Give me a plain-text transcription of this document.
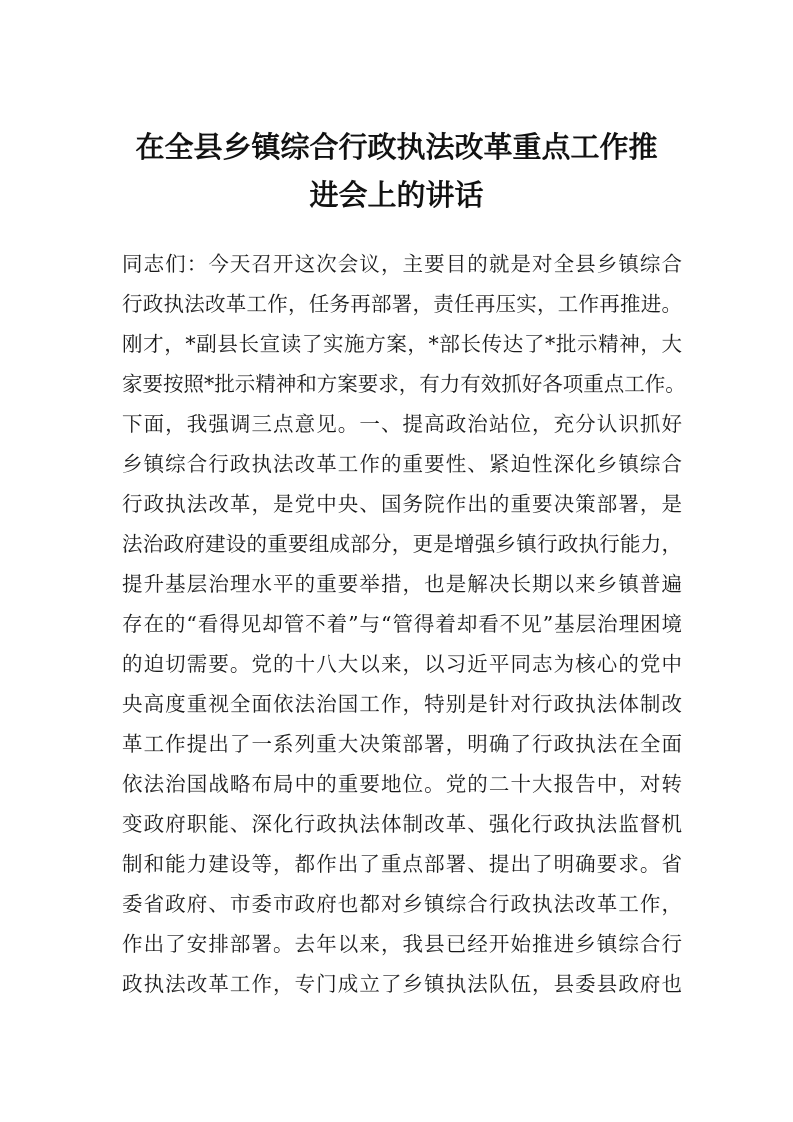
在全县乡镇综合行政执法改革重点工作推
进会上的讲话
同志们：今天召开这次会议，主要目的就是对全县乡镇综合
行政执法改革工作，任务再部署，责任再压实，工作再推进。
刚才，*副县长宣读了实施方案，*部长传达了*批示精神，大
家要按照*批示精神和方案要求，有力有效抓好各项重点工作。
下面，我强调三点意见。一、提高政治站位，充分认识抓好
乡镇综合行政执法改革工作的重要性、紧迫性深化乡镇综合
行政执法改革，是党中央、国务院作出的重要决策部署，是
法治政府建设的重要组成部分，更是增强乡镇行政执行能力，
提升基层治理水平的重要举措，也是解决长期以来乡镇普遍
存在的“看得见却管不着”与“管得着却看不见”基层治理困境
的迫切需要。党的十八大以来，以习近平同志为核心的党中
央高度重视全面依法治国工作，特别是针对行政执法体制改
革工作提出了一系列重大决策部署，明确了行政执法在全面
依法治国战略布局中的重要地位。党的二十大报告中，对转
变政府职能、深化行政执法体制改革、强化行政执法监督机
制和能力建设等，都作出了重点部署、提出了明确要求。省
委省政府、市委市政府也都对乡镇综合行政执法改革工作，
作出了安排部署。去年以来，我县已经开始推进乡镇综合行
政执法改革工作，专门成立了乡镇执法队伍，县委县政府也
